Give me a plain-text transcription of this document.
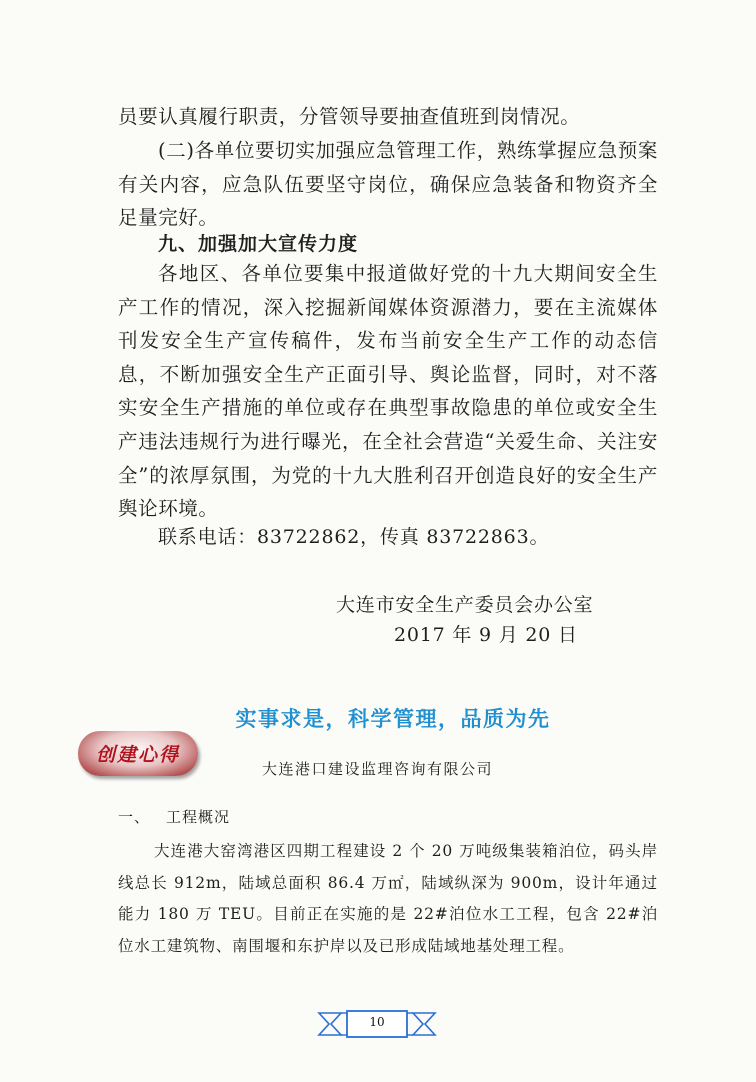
员要认真履行职责，分管领导要抽查值班到岗情况。

(二)各单位要切实加强应急管理工作，熟练掌握应急预案有关内容，应急队伍要坚守岗位，确保应急装备和物资齐全足量完好。

九、加强加大宣传力度

各地区、各单位要集中报道做好党的十九大期间安全生产工作的情况，深入挖掘新闻媒体资源潜力，要在主流媒体刊发安全生产宣传稿件，发布当前安全生产工作的动态信息，不断加强安全生产正面引导、舆论监督，同时，对不落实安全生产措施的单位或存在典型事故隐患的单位或安全生产违法违规行为进行曝光，在全社会营造“关爱生命、关注安全”的浓厚氛围，为党的十九大胜利召开创造良好的安全生产舆论环境。

联系电话：83722862，传真 83722863。

大连市安全生产委员会办公室

2017 年 9 月 20 日

实事求是，科学管理，品质为先
创建心得

大连港口建设监理咨询有限公司

一、 工程概况

大连港大窑湾港区四期工程建设 2 个 20 万吨级集装箱泊位，码头岸线总长 912m，陆域总面积 86.4 万㎡，陆域纵深为 900m，设计年通过能力 180 万 TEU。目前正在实施的是 22#泊位水工工程，包含 22#泊位水工建筑物、南围堰和东护岸以及已形成陆域地基处理工程。

10
